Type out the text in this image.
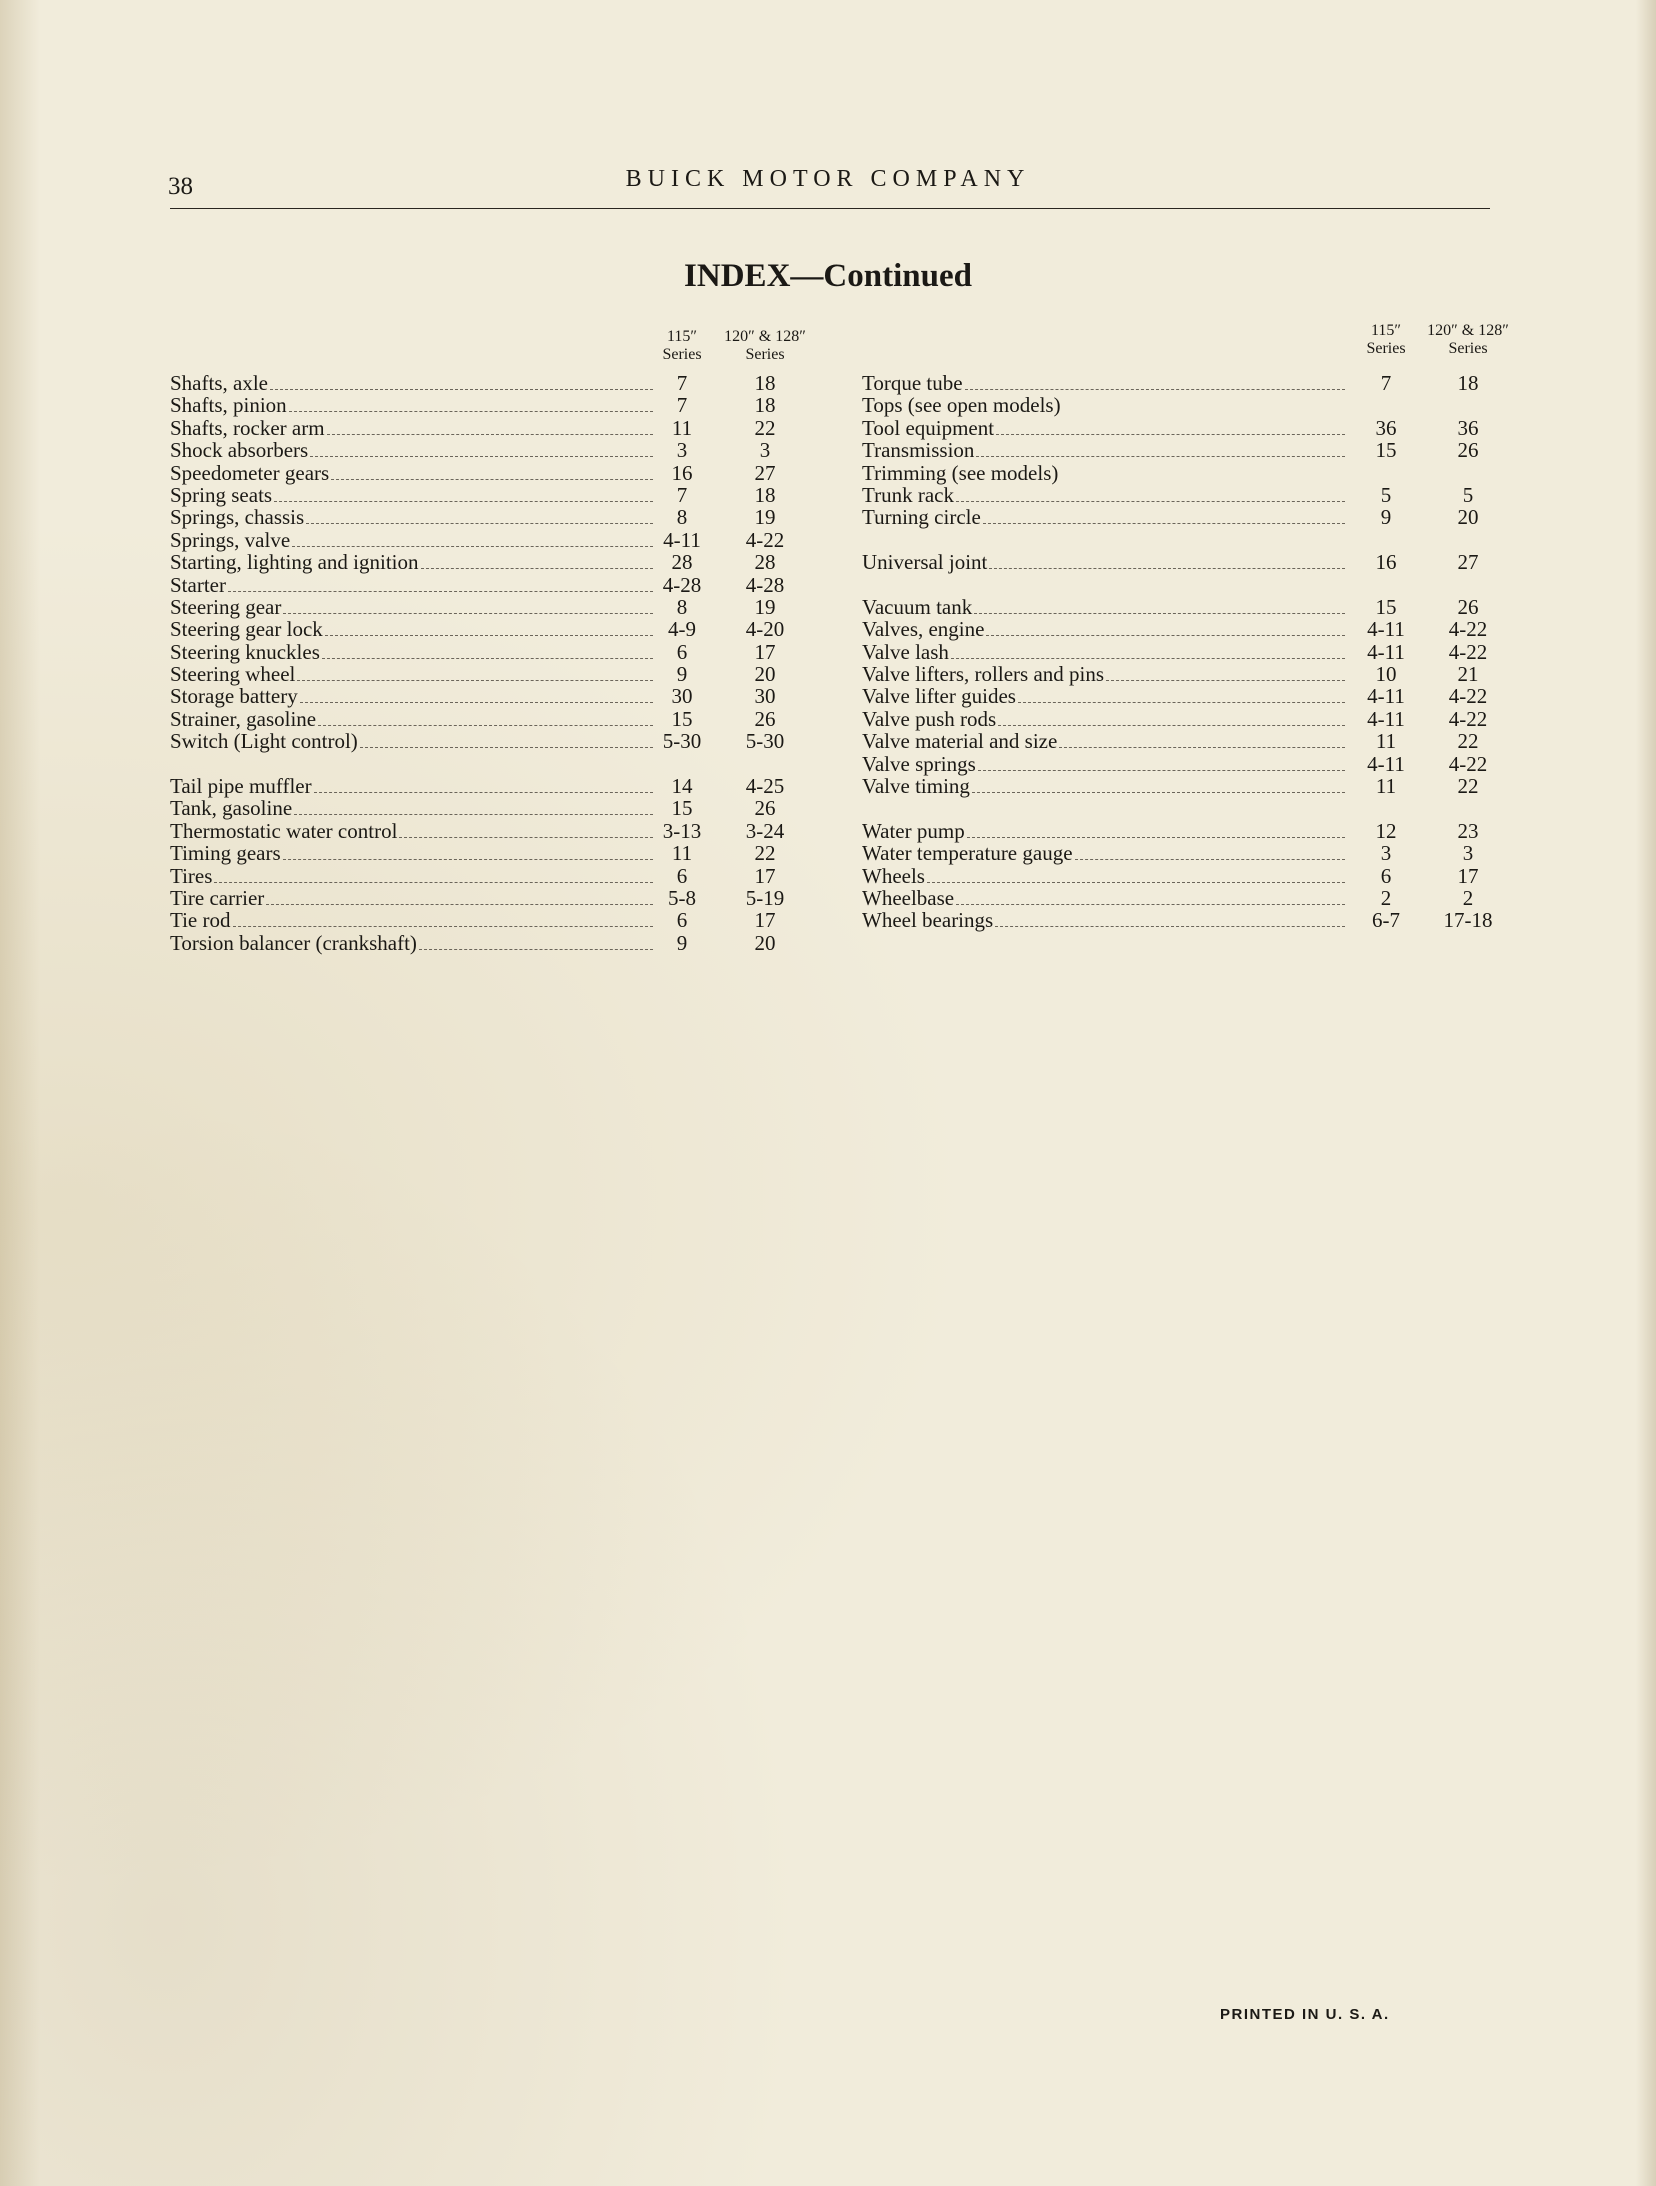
38	BUICK MOTOR COMPANY
INDEX—Continued
115″
Series
120″ & 128″
Series
Shafts, axle	7	18
Shafts, pinion	7	18
Shafts, rocker arm	11	22
Shock absorbers	3	3
Speedometer gears	16	27
Spring seats	7	18
Springs, chassis	8	19
Springs, valve	4-11	4-22
Starting, lighting and ignition	28	28
Starter	4-28	4-28
Steering gear	8	19
Steering gear lock	4-9	4-20
Steering knuckles	6	17
Steering wheel	9	20
Storage battery	30	30
Strainer, gasoline	15	26
Switch (Light control)	5-30	5-30
Tail pipe muffler	14	4-25
Tank, gasoline	15	26
Thermostatic water control	3-13	3-24
Timing gears	11	22
Tires	6	17
Tire carrier	5-8	5-19
Tie rod	6	17
Torsion balancer (crankshaft)	9	20
115″
Series
120″ & 128″
Series
Torque tube	7	18
Tops (see open models)
Tool equipment	36	36
Transmission	15	26
Trimming (see models)
Trunk rack	5	5
Turning circle	9	20
Universal joint	16	27
Vacuum tank	15	26
Valves, engine	4-11	4-22
Valve lash	4-11	4-22
Valve lifters, rollers and pins	10	21
Valve lifter guides	4-11	4-22
Valve push rods	4-11	4-22
Valve material and size	11	22
Valve springs	4-11	4-22
Valve timing	11	22
Water pump	12	23
Water temperature gauge	3	3
Wheels	6	17
Wheelbase	2	2
Wheel bearings	6-7	17-18
PRINTED IN U. S. A.
